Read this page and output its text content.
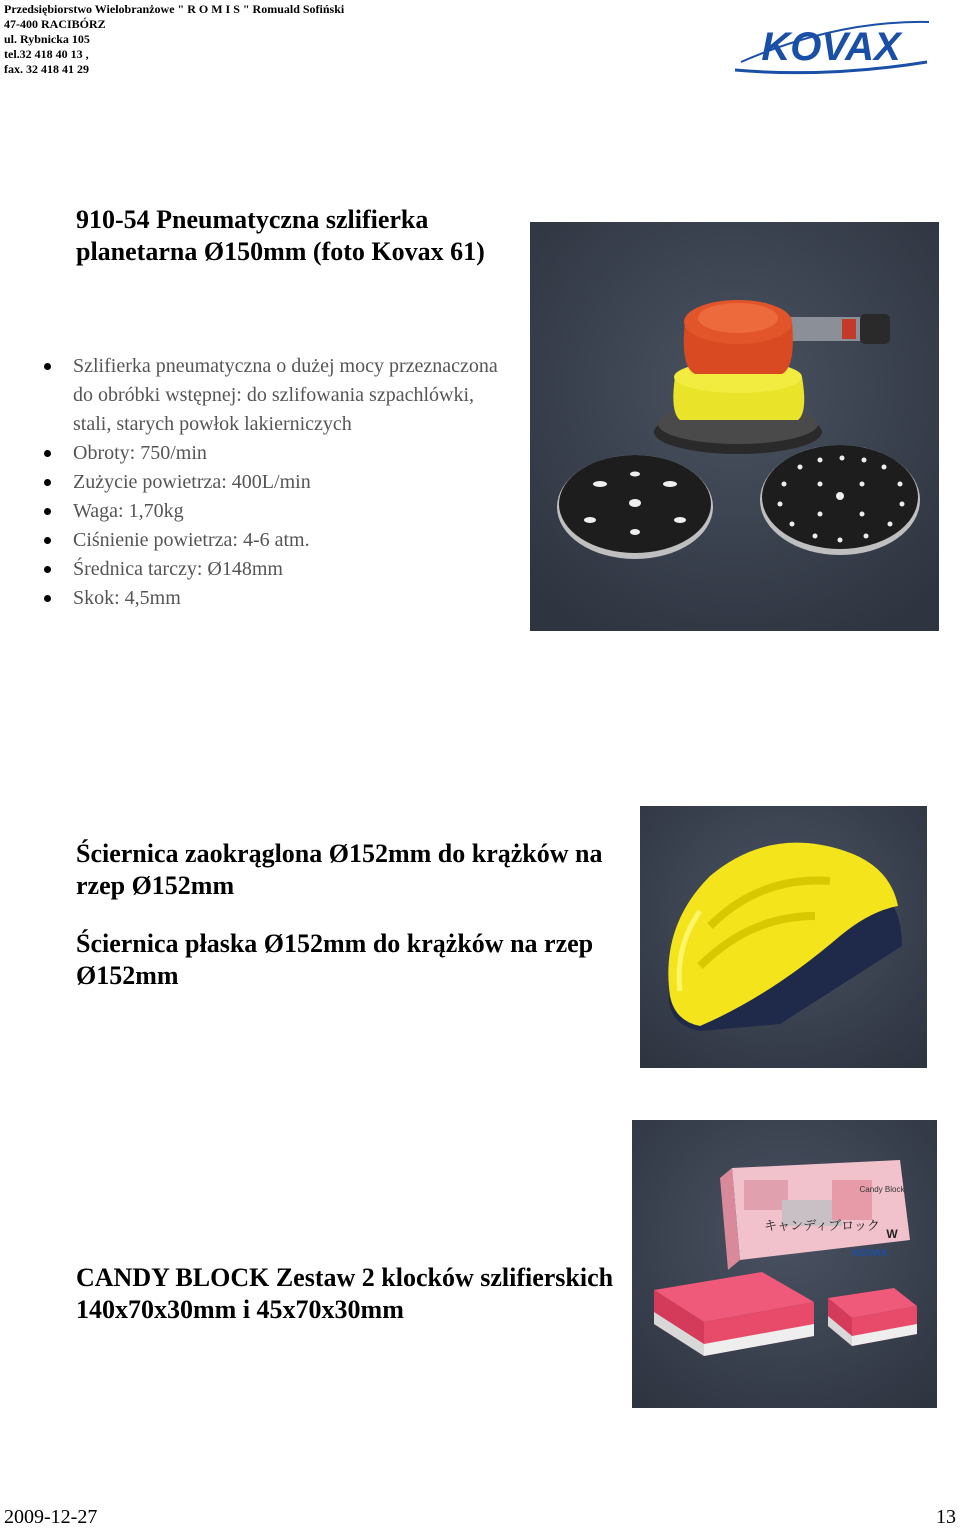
Przedsiębiorstwo Wielobranżowe " R O M I S " Romuald Sofiński
47-400 RACIBÓRZ
ul. Rybnicka 105
tel.32 418 40 13 ,
fax. 32 418 41 29	KOVAX
910-54 Pneumatyczna szlifierka planetarna Ø150mm (foto Kovax 61)
Szlifierka pneumatyczna o dużej mocy przeznaczona do obróbki wstępnej: do szlifowania szpachlówki, stali, starych powłok lakierniczych
Obroty: 750/min
Zużycie powietrza: 400L/min
Waga: 1,70kg
Ciśnienie powietrza: 4-6 atm.
Średnica tarczy: Ø148mm
Skok: 4,5mm
Ściernica zaokrąglona Ø152mm do krążków na rzep Ø152mm
Ściernica płaska Ø152mm do krążków na rzep Ø152mm
CANDY BLOCK Zestaw 2 klocków szlifierskich 140x70x30mm i 45x70x30mm
キャンディブロック W
Candy Block
KOVAX
2009-12-27	13
